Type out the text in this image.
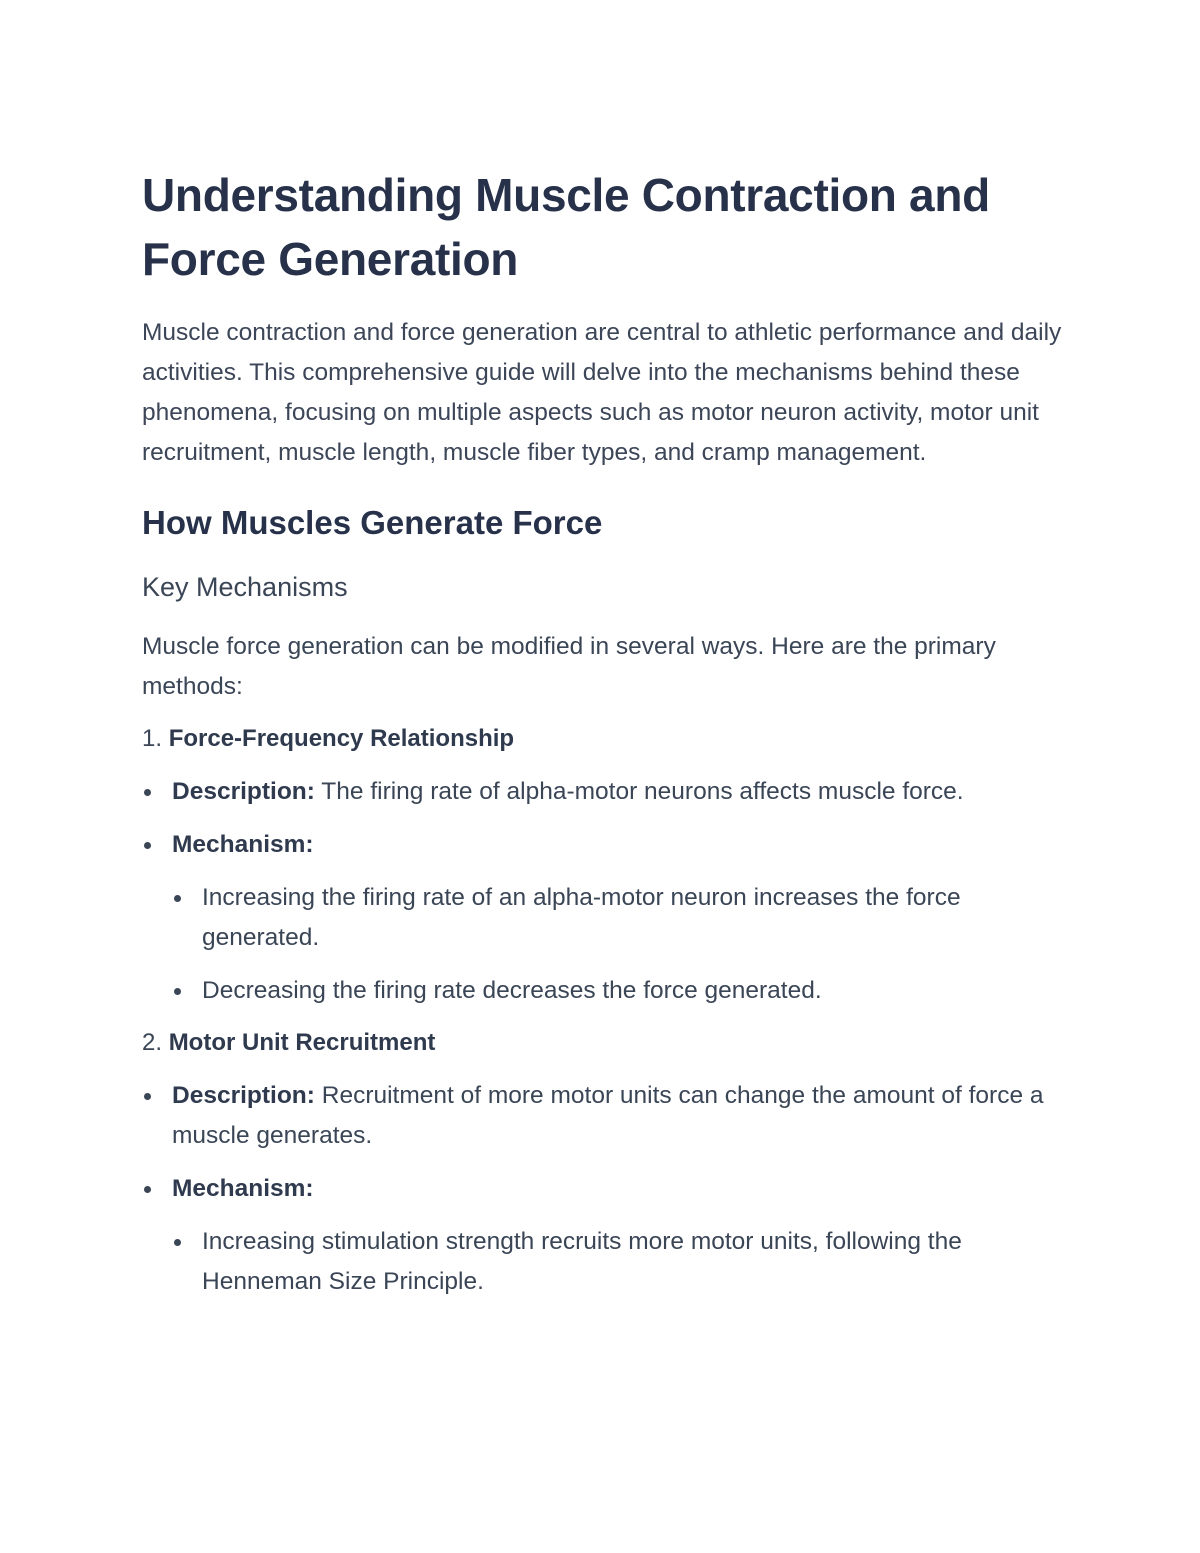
Understanding Muscle Contraction and Force Generation

Muscle contraction and force generation are central to athletic performance and daily activities. This comprehensive guide will delve into the mechanisms behind these phenomena, focusing on multiple aspects such as motor neuron activity, motor unit recruitment, muscle length, muscle fiber types, and cramp management.

How Muscles Generate Force
Key Mechanisms

Muscle force generation can be modified in several ways. Here are the primary methods:

1. Force-Frequency Relationship

Description: The firing rate of alpha-motor neurons affects muscle force.
Mechanism:
Increasing the firing rate of an alpha-motor neuron increases the force generated.
Decreasing the firing rate decreases the force generated.

2. Motor Unit Recruitment

Description: Recruitment of more motor units can change the amount of force a muscle generates.
Mechanism:
Increasing stimulation strength recruits more motor units, following the Henneman Size Principle.
